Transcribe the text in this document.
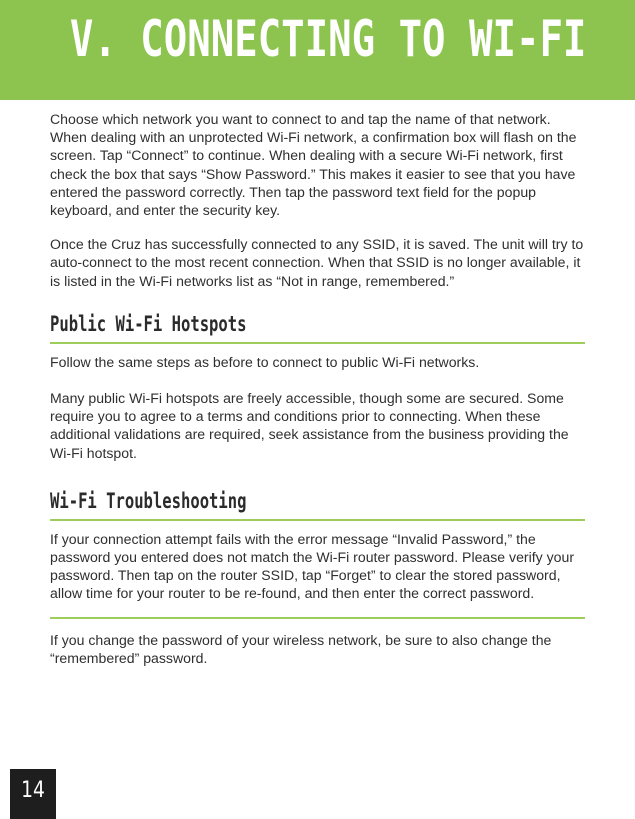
V. CONNECTING TO WI-FI

Choose which network you want to connect to and tap the name of that network. When dealing with an unprotected Wi-Fi network, a confirmation box will flash on the screen. Tap “Connect” to continue. When dealing with a secure Wi-Fi network, first check the box that says “Show Password.” This makes it easier to see that you have entered the password correctly. Then tap the password text field for the popup keyboard, and enter the security key.

Once the Cruz has successfully connected to any SSID, it is saved. The unit will try to auto-connect to the most recent connection. When that SSID is no longer available, it is listed in the Wi-Fi networks list as “Not in range, remembered.”

Public Wi-Fi Hotspots

Follow the same steps as before to connect to public Wi-Fi networks.

Many public Wi-Fi hotspots are freely accessible, though some are secured. Some require you to agree to a terms and conditions prior to connecting. When these additional validations are required, seek assistance from the business providing the Wi-Fi hotspot.

Wi-Fi Troubleshooting

If your connection attempt fails with the error message “Invalid Password,” the password you entered does not match the Wi-Fi router password. Please verify your password. Then tap on the router SSID, tap “Forget” to clear the stored password, allow time for your router to be re-found, and then enter the correct password.

If you change the password of your wireless network, be sure to also change the “remembered” password.

14
